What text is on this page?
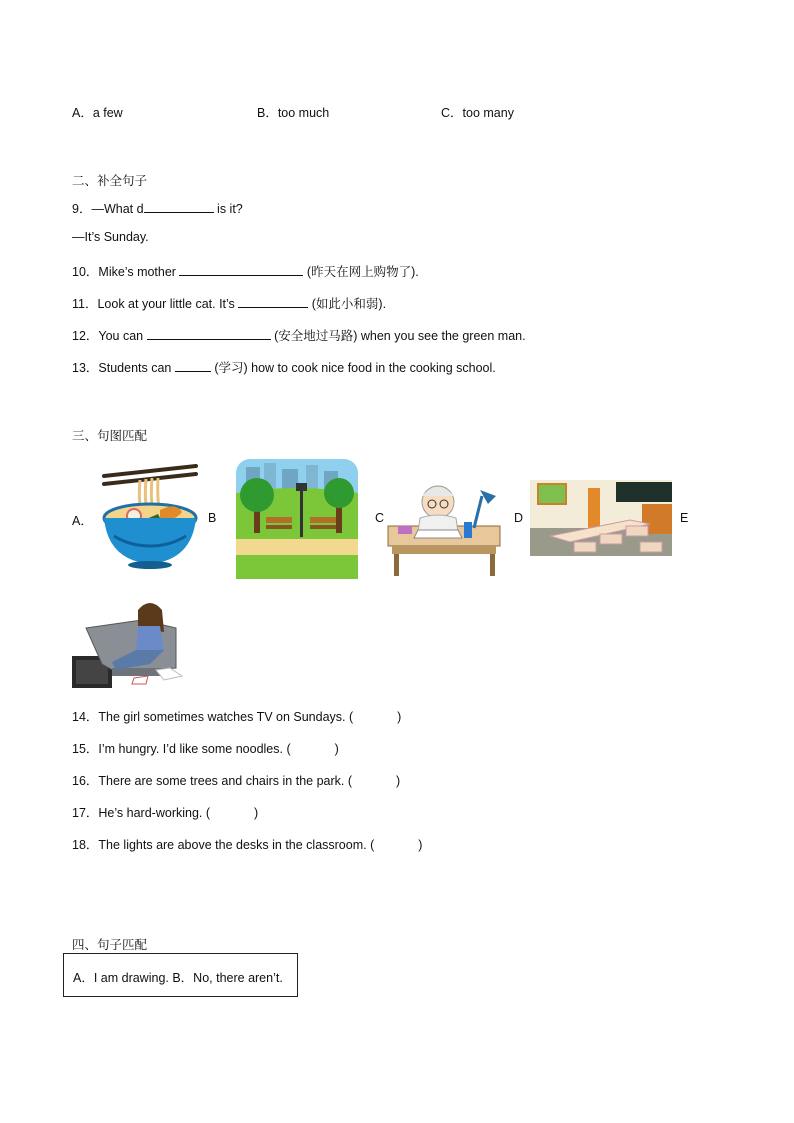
A．a few	B．too much	C．too many
二、补全句子
9．—What d	is it?
—It’s Sunday.
10．Mike’s mother	(昨天在网上购物了).
11．Look at your little cat. It’s	(如此小和弱).
12．You can	(安全地过马路) when you see the green man.
13．Students can	(学习) how to cook nice food in the cooking school.
三、句图匹配
A．	B	C	D	E
14．The girl sometimes watches TV on Sundays. (	)
15．I’m hungry. I’d like some noodles. (	)
16．There are some trees and chairs in the park. (	)
17．He’s hard-working. (	)
18．The lights are above the desks in the classroom. (	)
四、句子匹配
A．I am drawing. B．No, there aren’t.
